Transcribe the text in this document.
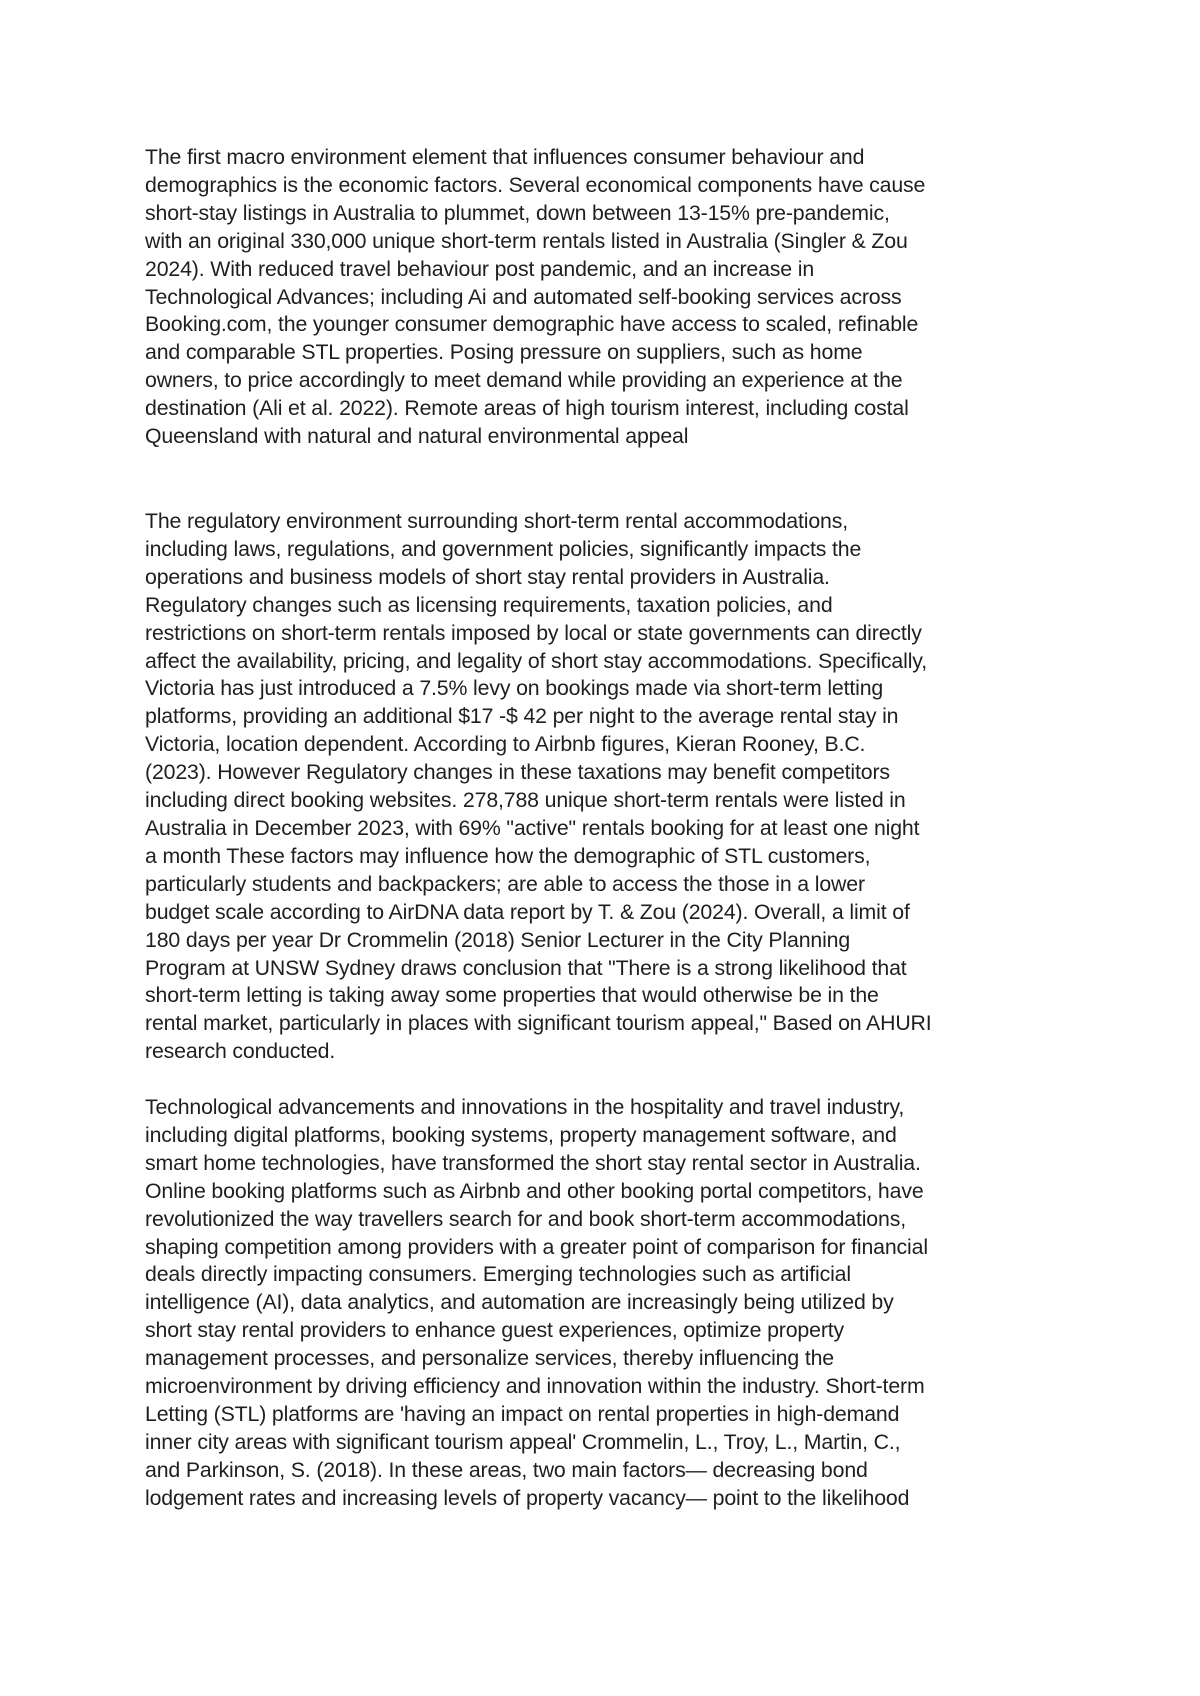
The first macro environment element that influences consumer behaviour and
demographics is the economic factors. Several economical components have cause
short-stay listings in Australia to plummet, down between 13-15% pre-pandemic,
with an original 330,000 unique short-term rentals listed in Australia (Singler & Zou
2024). With reduced travel behaviour post pandemic, and an increase in
Technological Advances; including Ai and automated self-booking services across
Booking.com, the younger consumer demographic have access to scaled, refinable
and comparable STL properties. Posing pressure on suppliers, such as home
owners, to price accordingly to meet demand while providing an experience at the
destination (Ali et al. 2022). Remote areas of high tourism interest, including costal
Queensland with natural and natural environmental appeal

The regulatory environment surrounding short-term rental accommodations,
including laws, regulations, and government policies, significantly impacts the
operations and business models of short stay rental providers in Australia.
Regulatory changes such as licensing requirements, taxation policies, and
restrictions on short-term rentals imposed by local or state governments can directly
affect the availability, pricing, and legality of short stay accommodations. Specifically,
Victoria has just introduced a 7.5% levy on bookings made via short-term letting
platforms, providing an additional $17 -$ 42 per night to the average rental stay in
Victoria, location dependent. According to Airbnb figures, Kieran Rooney, B.C.
(2023). However Regulatory changes in these taxations may benefit competitors
including direct booking websites. 278,788 unique short-term rentals were listed in
Australia in December 2023, with 69% "active" rentals booking for at least one night
a month These factors may influence how the demographic of STL customers,
particularly students and backpackers; are able to access the those in a lower
budget scale according to AirDNA data report by T. & Zou (2024). Overall, a limit of
180 days per year Dr Crommelin (2018) Senior Lecturer in the City Planning
Program at UNSW Sydney draws conclusion that "There is a strong likelihood that
short-term letting is taking away some properties that would otherwise be in the
rental market, particularly in places with significant tourism appeal," Based on AHURI
research conducted.

Technological advancements and innovations in the hospitality and travel industry,
including digital platforms, booking systems, property management software, and
smart home technologies, have transformed the short stay rental sector in Australia.
Online booking platforms such as Airbnb and other booking portal competitors, have
revolutionized the way travellers search for and book short-term accommodations,
shaping competition among providers with a greater point of comparison for financial
deals directly impacting consumers. Emerging technologies such as artificial
intelligence (AI), data analytics, and automation are increasingly being utilized by
short stay rental providers to enhance guest experiences, optimize property
management processes, and personalize services, thereby influencing the
microenvironment by driving efficiency and innovation within the industry. Short-term
Letting (STL) platforms are 'having an impact on rental properties in high-demand
inner city areas with significant tourism appeal' Crommelin, L., Troy, L., Martin, C.,
and Parkinson, S. (2018). In these areas, two main factors— decreasing bond
lodgement rates and increasing levels of property vacancy— point to the likelihood
